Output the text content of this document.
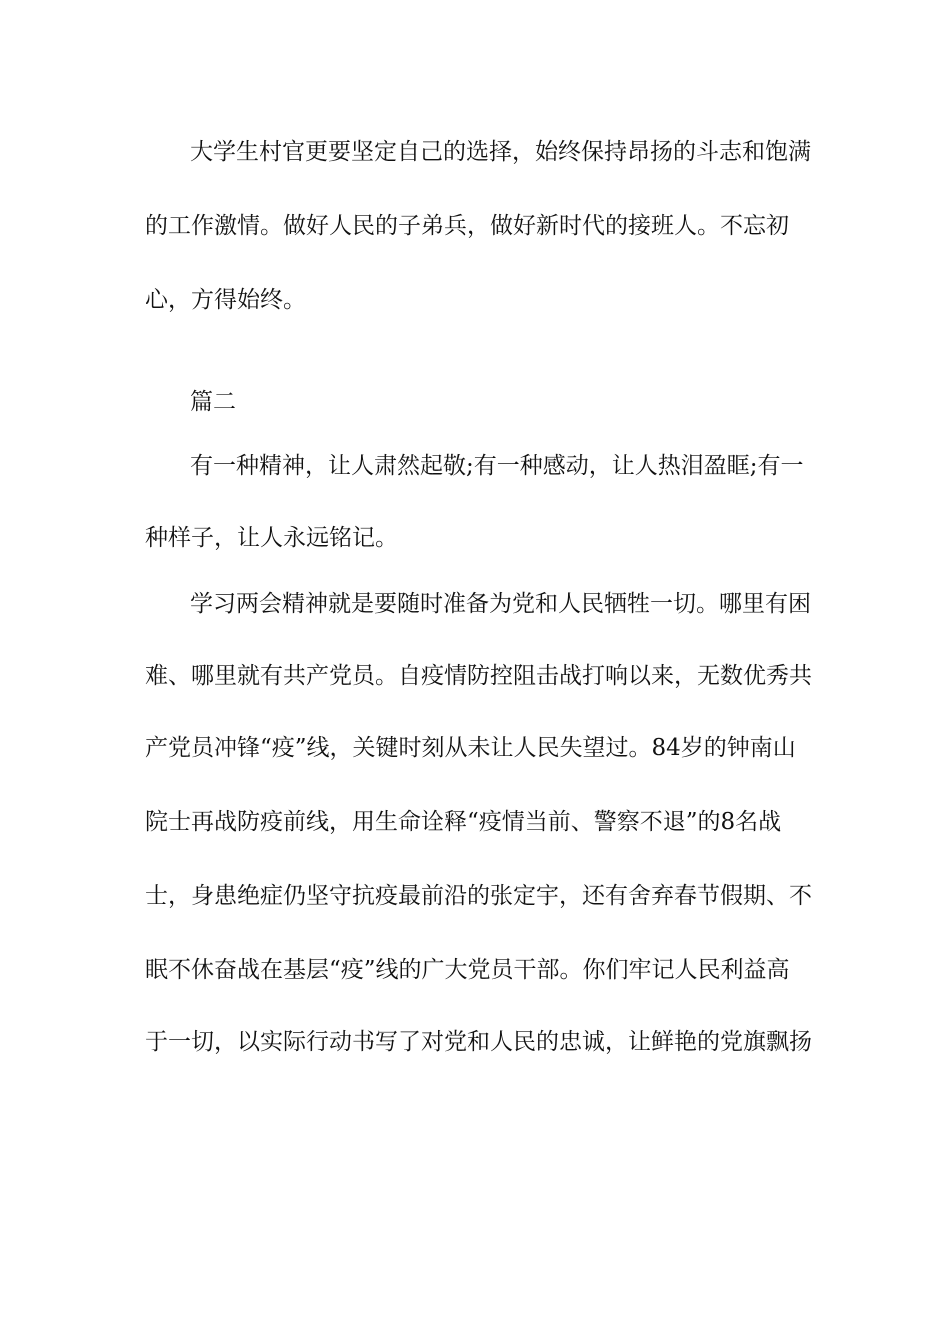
大学生村官更要坚定自己的选择，始终保持昂扬的斗志和饱满
的工作激情。做好人民的子弟兵，做好新时代的接班人。不忘初
心，方得始终。
篇二
有一种精神，让人肃然起敬;有一种感动，让人热泪盈眶;有一
种样子，让人永远铭记。
学习两会精神就是要随时准备为党和人民牺牲一切。哪里有困
难、哪里就有共产党员。自疫情防控阻击战打响以来，无数优秀共
产党员冲锋“疫”线，关键时刻从未让人民失望过。84岁的钟南山
院士再战防疫前线，用生命诠释“疫情当前、警察不退”的8名战
士，身患绝症仍坚守抗疫最前沿的张定宇，还有舍弃春节假期、不
眠不休奋战在基层“疫”线的广大党员干部。你们牢记人民利益高
于一切，以实际行动书写了对党和人民的忠诚，让鲜艳的党旗飘扬
